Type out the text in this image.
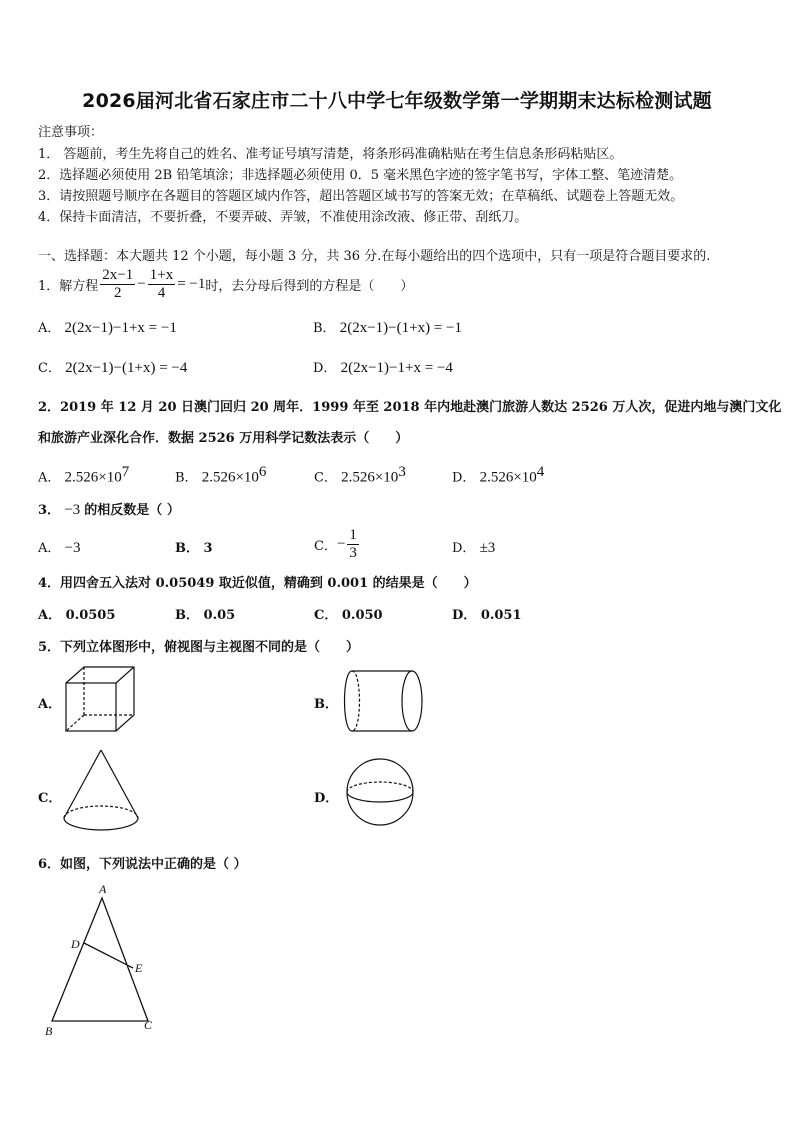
2026届河北省石家庄市二十八中学七年级数学第一学期期末达标检测试题
注意事项：
1． 答题前，考生先将自己的姓名、准考证号填写清楚，将条形码准确粘贴在考生信息条形码粘贴区。
2．选择题必须使用 2B 铅笔填涂；非选择题必须使用 0．5 毫米黑色字迹的签字笔书写，字体工整、笔迹清楚。
3．请按照题号顺序在各题目的答题区域内作答，超出答题区域书写的答案无效；在草稿纸、试题卷上答题无效。
4．保持卡面清洁，不要折叠，不要弄破、弄皱，不准使用涂改液、修正带、刮纸刀。
一、选择题：本大题共 12 个小题，每小题 3 分，共 36 分.在每小题给出的四个选项中，只有一项是符合题目要求的.
1． 解方程 $\frac{2x-1}{2} - \frac{1+x}{4} = -1$ 时，去分母后得到的方程是（　　）
A． 2(2x−1)−1+x = −1	B． 2(2x−1)−(1+x) = −1
C． 2(2x−1)−(1+x) = −4	D． 2(2x−1)−1+x = −4
2．2019 年 12 月 20 日澳门回归 20 周年．1999 年至 2018 年内地赴澳门旅游人数达 2526 万人次，促进内地与澳门文化
和旅游产业深化合作．数据 2526 万用科学记数法表示（　　）
A． $2.526\times 10^7$	B． $2.526\times 10^6$	C． $2.526\times 10^3$	D． $2.526\times 10^4$
3． −3 的相反数是（ ）
A． −3	B． 3	C． − $\frac{1}{3}$	D． ±3
4．用四舍五入法对 0.05049 取近似值，精确到 0.001 的结果是（　　）
A． 0.0505	B． 0.05	C． 0.050	D． 0.051
5．下列立体图形中，俯视图与主视图不同的是（　　）
A．	B．
C．	D．
6．如图，下列说法中正确的是（ ）
A
D
E
B	C
